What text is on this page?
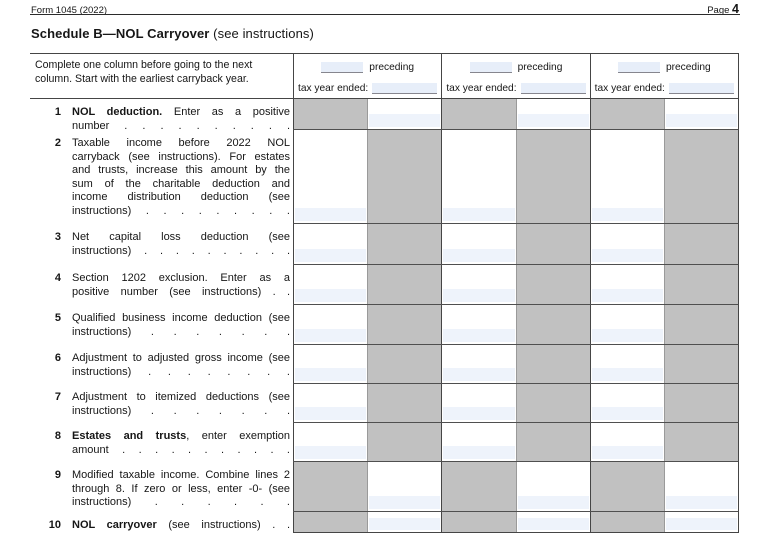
Form 1045 (2022)	Page 4
Schedule B—NOL Carryover (see instructions)
Complete one column before going to the next column. Start with the earliest carryback year.
preceding
tax year ended:
preceding
tax year ended:
preceding
tax year ended:
1 NOL deduction. Enter as a positive number . . . . . . . . . .
2 Taxable income before 2022 NOL carryback (see instructions). For estates and trusts, increase this amount by the sum of the charitable deduction and income distribution deduction (see instructions) . . . . . . . . .
3 Net capital loss deduction (see instructions) . . . . . . . . . .
4 Section 1202 exclusion. Enter as a positive number (see instructions) . .
5 Qualified business income deduction (see instructions) . . . . . . .
6 Adjustment to adjusted gross income (see instructions) . . . . . . . .
7 Adjustment to itemized deductions (see instructions) . . . . . . .
8 Estates and trusts, enter exemption amount . . . . . . . . . . .
9 Modified taxable income. Combine lines 2 through 8. If zero or less, enter -0- (see instructions) . . . . . .
10 NOL carryover (see instructions) . .
